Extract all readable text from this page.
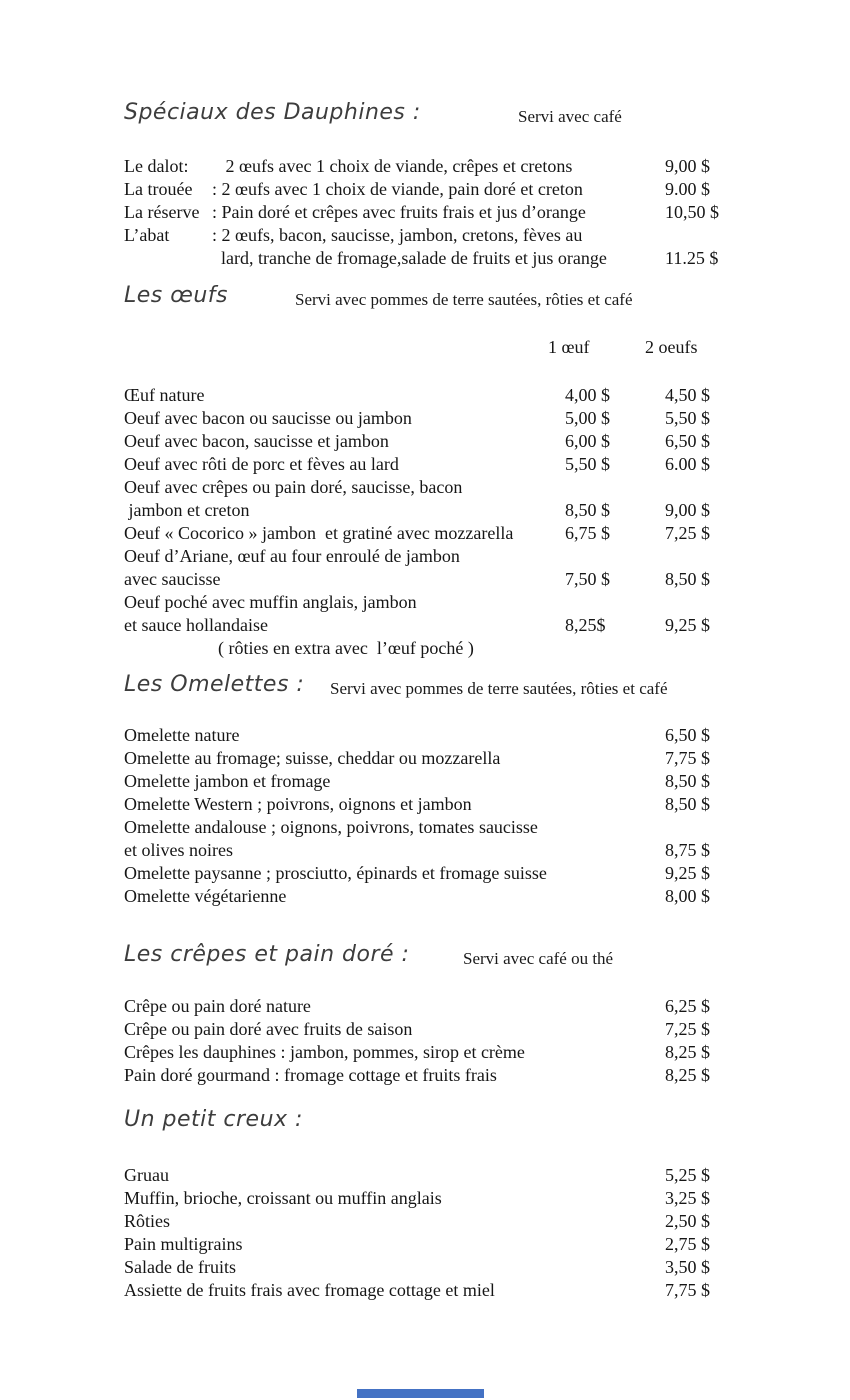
Spéciaux des Dauphines :	Servi avec café
Le dalot: 2 œufs avec 1 choix de viande, crêpes et cretons	9,00 $
La trouée : 2 œufs avec 1 choix de viande, pain doré et creton	9.00 $
La réserve : Pain doré et crêpes avec fruits frais et jus d’orange	10,50 $
L’abat : 2 œufs, bacon, saucisse, jambon, cretons, fèves au
lard, tranche de fromage,salade de fruits et jus orange	11.25 $
Les œufs	Servi avec pommes de terre sautées, rôties et café
1 œuf	2 oeufs
Œuf nature	4,00 $	4,50 $
Oeuf avec bacon ou saucisse ou jambon	5,00 $	5,50 $
Oeuf avec bacon, saucisse et jambon	6,00 $	6,50 $
Oeuf avec rôti de porc et fèves au lard	5,50 $	6.00 $
Oeuf avec crêpes ou pain doré, saucisse, bacon
jambon et creton	8,50 $	9,00 $
Oeuf « Cocorico » jambon  et gratiné avec mozzarella	6,75 $	7,25 $
Oeuf d’Ariane, œuf au four enroulé de jambon
avec saucisse	7,50 $	8,50 $
Oeuf poché avec muffin anglais, jambon
et sauce hollandaise	8,25$	9,25 $
( rôties en extra avec  l’œuf poché )
Les Omelettes : Servi avec pommes de terre sautées, rôties et café
Omelette nature	6,50 $
Omelette au fromage; suisse, cheddar ou mozzarella	7,75 $
Omelette jambon et fromage	8,50 $
Omelette Western ; poivrons, oignons et jambon	8,50 $
Omelette andalouse ; oignons, poivrons, tomates saucisse
et olives noires	8,75 $
Omelette paysanne ; prosciutto, épinards et fromage suisse	9,25 $
Omelette végétarienne	8,00 $
Les crêpes et pain doré :	Servi avec café ou thé
Crêpe ou pain doré nature	6,25 $
Crêpe ou pain doré avec fruits de saison	7,25 $
Crêpes les dauphines : jambon, pommes, sirop et crème	8,25 $
Pain doré gourmand : fromage cottage et fruits frais	8,25 $
Un petit creux :
Gruau	5,25 $
Muffin, brioche, croissant ou muffin anglais	3,25 $
Rôties	2,50 $
Pain multigrains	2,75 $
Salade de fruits	3,50 $
Assiette de fruits frais avec fromage cottage et miel	7,75 $
